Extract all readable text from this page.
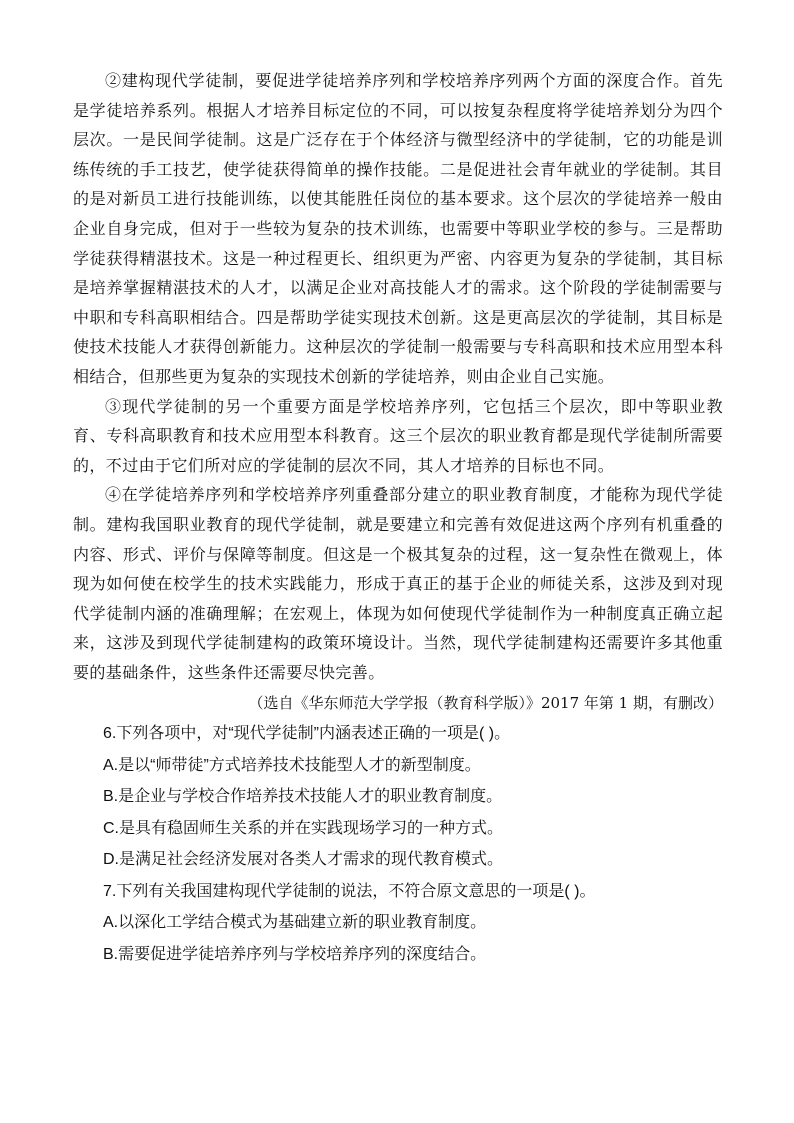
②建构现代学徒制，要促进学徒培养序列和学校培养序列两个方面的深度合作。首先是学徒培养系列。根据人才培养目标定位的不同，可以按复杂程度将学徒培养划分为四个层次。一是民间学徒制。这是广泛存在于个体经济与微型经济中的学徒制，它的功能是训练传统的手工技艺，使学徒获得简单的操作技能。二是促进社会青年就业的学徒制。其目的是对新员工进行技能训练，以使其能胜任岗位的基本要求。这个层次的学徒培养一般由企业自身完成，但对于一些较为复杂的技术训练，也需要中等职业学校的参与。三是帮助学徒获得精湛技术。这是一种过程更长、组织更为严密、内容更为复杂的学徒制，其目标是培养掌握精湛技术的人才，以满足企业对高技能人才的需求。这个阶段的学徒制需要与中职和专科高职相结合。四是帮助学徒实现技术创新。这是更高层次的学徒制，其目标是使技术技能人才获得创新能力。这种层次的学徒制一般需要与专科高职和技术应用型本科相结合，但那些更为复杂的实现技术创新的学徒培养，则由企业自己实施。

③现代学徒制的另一个重要方面是学校培养序列，它包括三个层次，即中等职业教育、专科高职教育和技术应用型本科教育。这三个层次的职业教育都是现代学徒制所需要的，不过由于它们所对应的学徒制的层次不同，其人才培养的目标也不同。

④在学徒培养序列和学校培养序列重叠部分建立的职业教育制度，才能称为现代学徒制。建构我国职业教育的现代学徒制，就是要建立和完善有效促进这两个序列有机重叠的内容、形式、评价与保障等制度。但这是一个极其复杂的过程，这一复杂性在微观上，体现为如何使在校学生的技术实践能力，形成于真正的基于企业的师徒关系，这涉及到对现代学徒制内涵的准确理解；在宏观上，体现为如何使现代学徒制作为一种制度真正确立起来，这涉及到现代学徒制建构的政策环境设计。当然，现代学徒制建构还需要许多其他重要的基础条件，这些条件还需要尽快完善。

（选自《华东师范大学学报（教育科学版）》2017 年第 1 期，有删改）

6.下列各项中，对“现代学徒制”内涵表述正确的一项是( )。

A.是以“师带徒”方式培养技术技能型人才的新型制度。

B.是企业与学校合作培养技术技能人才的职业教育制度。

C.是具有稳固师生关系的并在实践现场学习的一种方式。

D.是满足社会经济发展对各类人才需求的现代教育模式。

7.下列有关我国建构现代学徒制的说法，不符合原文意思的一项是( )。

A.以深化工学结合模式为基础建立新的职业教育制度。

B.需要促进学徒培养序列与学校培养序列的深度结合。
